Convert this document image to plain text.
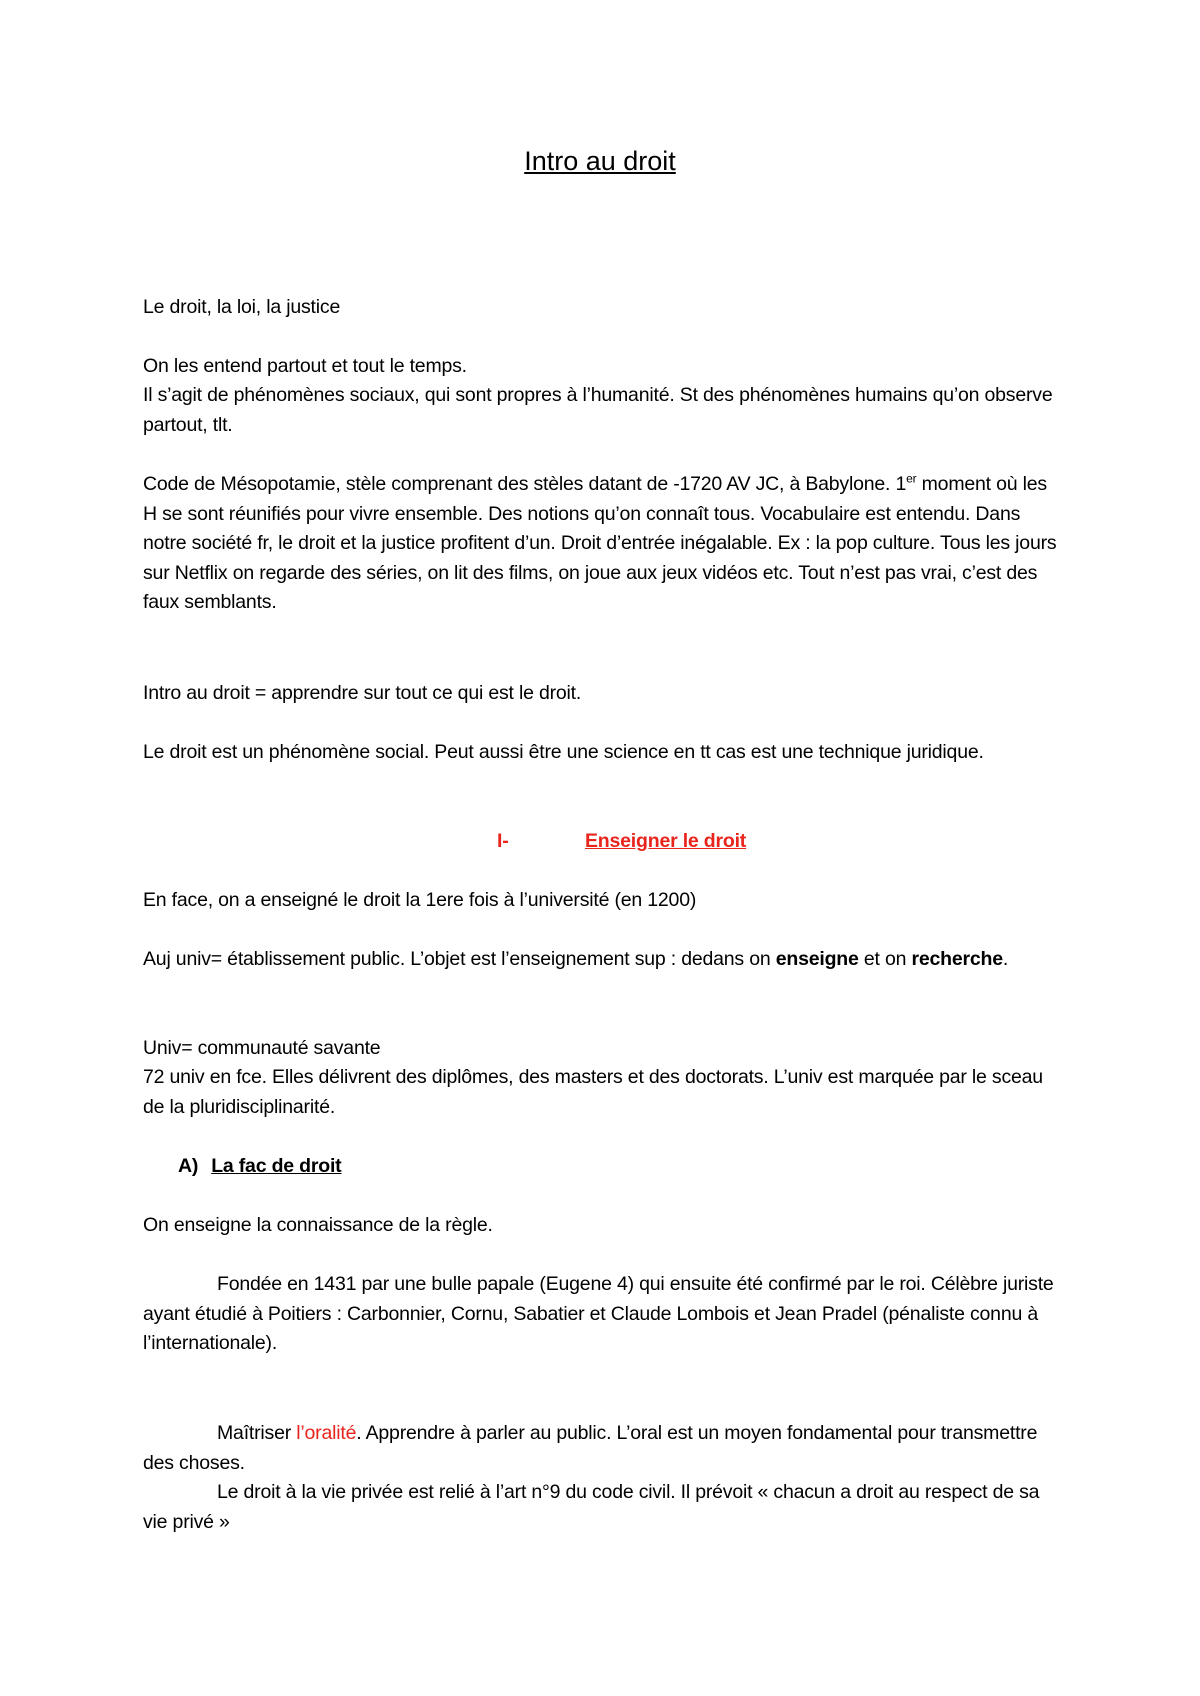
Intro au droit

Le droit, la loi, la justice

On les entend partout et tout le temps.

Il s’agit de phénomènes sociaux, qui sont propres à l’humanité. St des phénomènes humains qu’on observe partout, tlt.

Code de Mésopotamie, stèle comprenant des stèles datant de -1720 AV JC, à Babylone. 1er moment où les H se sont réunifiés pour vivre ensemble. Des notions qu’on connaît tous. Vocabulaire est entendu. Dans notre société fr, le droit et la justice profitent d’un. Droit d’entrée inégalable. Ex : la pop culture. Tous les jours sur Netflix on regarde des séries, on lit des films, on joue aux jeux vidéos etc. Tout n’est pas vrai, c’est des faux semblants.

Intro au droit = apprendre sur tout ce qui est le droit.

Le droit est un phénomène social. Peut aussi être une science en tt cas est une technique juridique.

I-	Enseigner le droit

En face, on a enseigné le droit la 1ere fois à l’université (en 1200)

Auj univ= établissement public. L’objet est l’enseignement sup : dedans on enseigne et on recherche.

Univ= communauté savante

72 univ en fce. Elles délivrent des diplômes, des masters et des doctorats. L’univ est marquée par le sceau de la pluridisciplinarité.

A) La fac de droit

On enseigne la connaissance de la règle.

Fondée en 1431 par une bulle papale (Eugene 4) qui ensuite été confirmé par le roi. Célèbre juriste ayant étudié à Poitiers : Carbonnier, Cornu, Sabatier et Claude Lombois et Jean Pradel (pénaliste connu à l’internationale).

Maîtriser l’oralité. Apprendre à parler au public. L’oral est un moyen fondamental pour transmettre des choses.

Le droit à la vie privée est relié à l’art n°9 du code civil. Il prévoit « chacun a droit au respect de sa vie privé »
